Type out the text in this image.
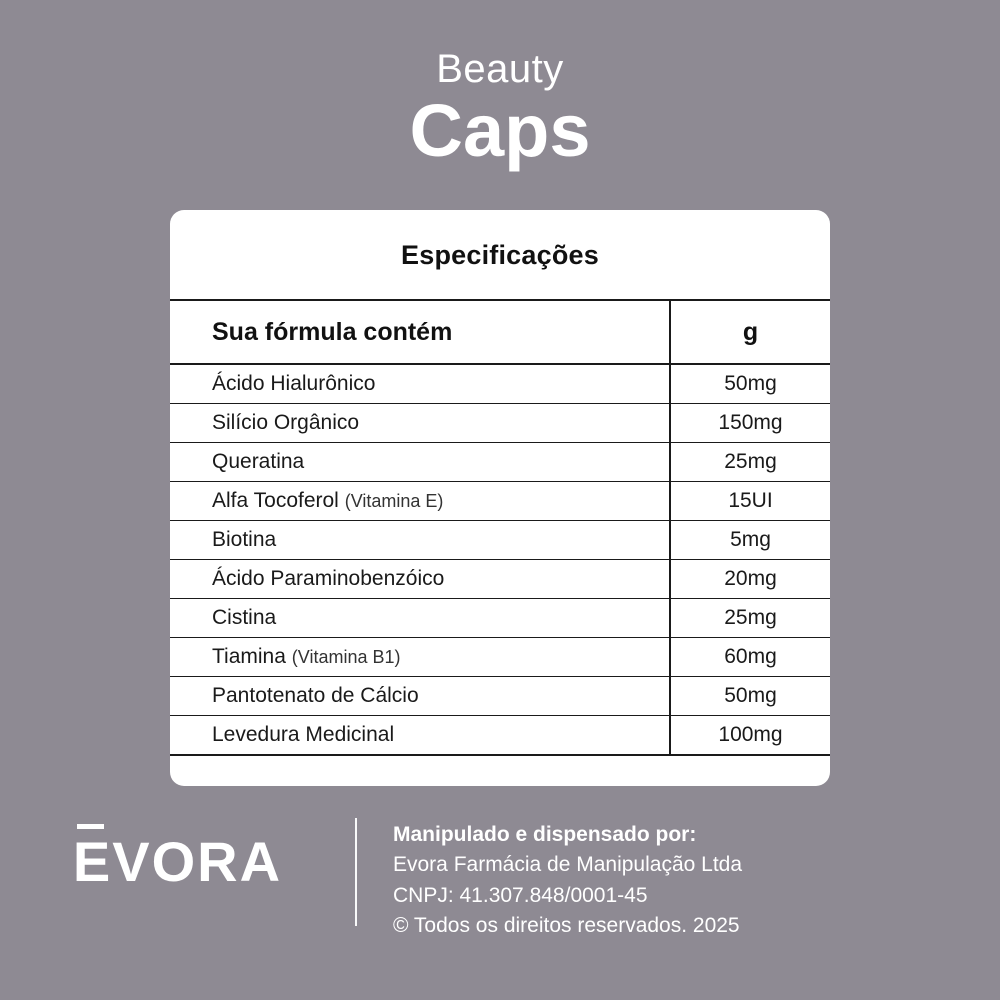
Beauty
Caps
Especificações
Sua fórmula contém	g
Ácido Hialurônico	50mg
Silício Orgânico	150mg
Queratina	25mg
Alfa Tocoferol (Vitamina E)	15UI
Biotina	5mg
Ácido Paraminobenzóico	20mg
Cistina	25mg
Tiamina (Vitamina B1)	60mg
Pantotenato de Cálcio	50mg
Levedura Medicinal	100mg
EVORA	Manipulado e dispensado por:
Evora Farmácia de Manipulação Ltda
CNPJ: 41.307.848/0001-45
© Todos os direitos reservados. 2025
